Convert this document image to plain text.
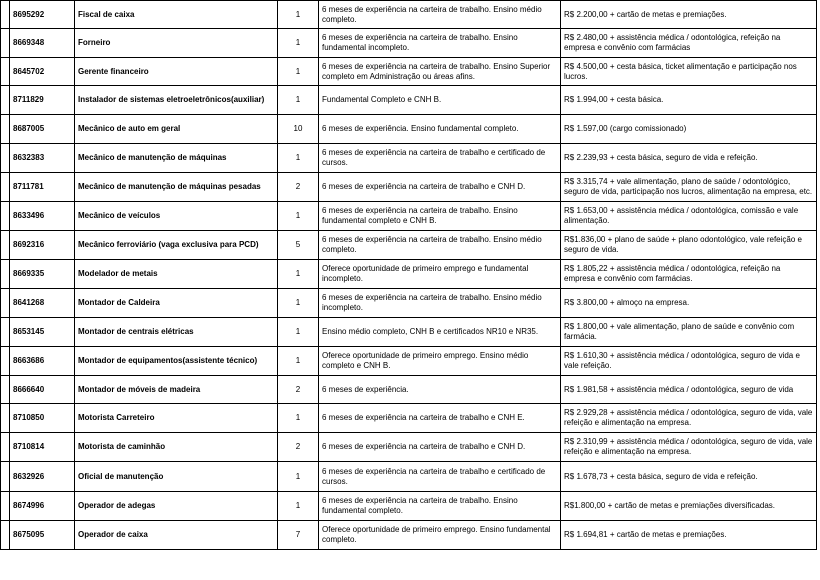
	8695292	Fiscal de caixa	1	6 meses de experiência na carteira de trabalho. Ensino médio completo.	R$ 2.200,00 + cartão de metas e premiações.
	8669348	Forneiro	1	6 meses de experiência na carteira de trabalho. Ensino fundamental incompleto.	R$ 2.480,00 + assistência médica / odontológica, refeição na empresa e convênio com farmácias
	8645702	Gerente financeiro	1	6 meses de experiência na carteira de trabalho. Ensino Superior completo em Administração ou áreas afins.	R$ 4.500,00 + cesta básica, ticket alimentação e participação nos lucros.
	8711829	Instalador de sistemas eletroeletrônicos(auxiliar)	1	Fundamental Completo e CNH B.	R$ 1.994,00 + cesta básica.
	8687005	Mecânico de auto em geral	10	6 meses de experiência. Ensino fundamental completo.	R$ 1.597,00 (cargo comissionado)
	8632383	Mecânico de manutenção de máquinas	1	6 meses de experiência na carteira de trabalho e certificado de cursos.	R$ 2.239,93 + cesta básica, seguro de vida e refeição.
	8711781	Mecânico de manutenção de máquinas pesadas	2	6 meses de experiência na carteira de trabalho e CNH D.	R$ 3.315,74 + vale alimentação, plano de saúde / odontológico, seguro de vida, participação nos lucros, alimentação na empresa, etc.
	8633496	Mecânico de veículos	1	6 meses de experiência na carteira de trabalho. Ensino fundamental completo e CNH B.	R$ 1.653,00 + assistência médica / odontológica, comissão e vale alimentação.
	8692316	Mecânico ferroviário (vaga exclusiva para PCD)	5	6 meses de experiência na carteira de trabalho. Ensino médio completo.	R$1.836,00 + plano de saúde + plano odontológico, vale refeição e seguro de vida.
	8669335	Modelador de metais	1	Oferece oportunidade de primeiro emprego e fundamental incompleto.	R$ 1.805,22 + assistência médica / odontológica, refeição na empresa e convênio com farmácias.
	8641268	Montador de Caldeira	1	6 meses de experiência na carteira de trabalho. Ensino médio incompleto.	R$ 3.800,00 + almoço na empresa.
	8653145	Montador de centrais elétricas	1	Ensino médio completo, CNH B e certificados NR10 e NR35.	R$ 1.800,00 + vale alimentação, plano de saúde e convênio com farmácia.
	8663686	Montador de equipamentos(assistente técnico)	1	Oferece oportunidade de primeiro emprego. Ensino médio completo e CNH B.	R$ 1.610,30 + assistência médica / odontológica, seguro de vida e vale refeição.
	8666640	Montador de móveis de madeira	2	6 meses de experiência.	R$ 1.981,58 + assistência médica / odontológica, seguro de vida
	8710850	Motorista Carreteiro	1	6 meses de experiência na carteira de trabalho e CNH E.	R$ 2.929,28 + assistência médica / odontológica, seguro de vida, vale refeição e alimentação na empresa.
	8710814	Motorista de caminhão	2	6 meses de experiência na carteira de trabalho e CNH D.	R$ 2.310,99 + assistência médica / odontológica, seguro de vida, vale refeição e alimentação na empresa.
	8632926	Oficial de manutenção	1	6 meses de experiência na carteira de trabalho e certificado de cursos.	R$ 1.678,73 + cesta básica, seguro de vida e refeição.
	8674996	Operador de adegas	1	6 meses de experiência na carteira de trabalho. Ensino fundamental completo.	R$1.800,00 + cartão de metas e premiações diversificadas.
	8675095	Operador de caixa	7	Oferece oportunidade de primeiro emprego. Ensino fundamental completo.	R$ 1.694,81 + cartão de metas e premiações.
